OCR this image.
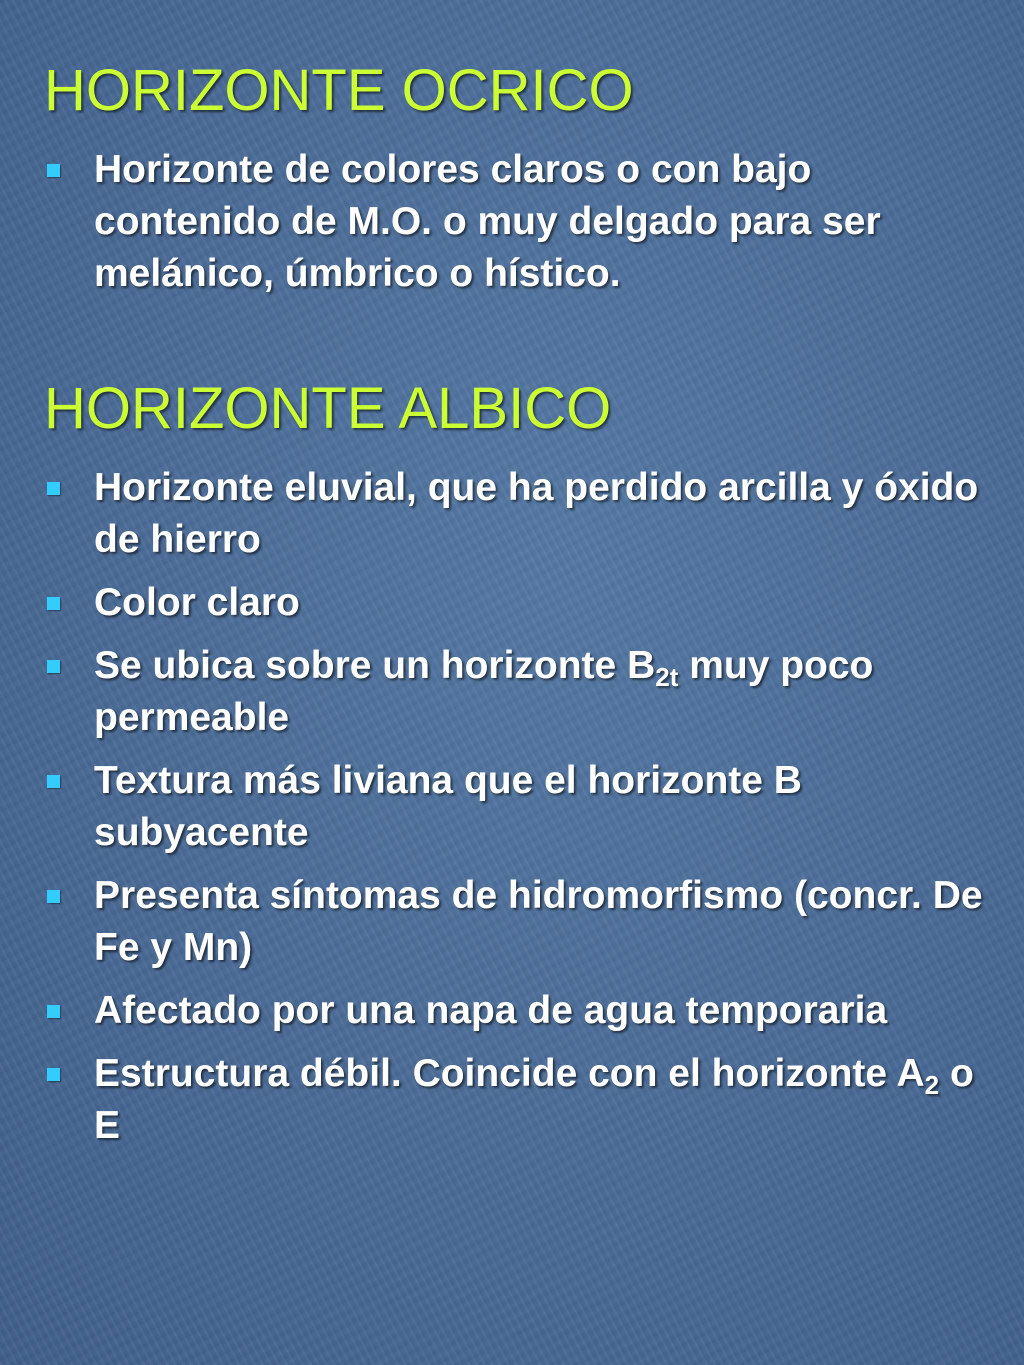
HORIZONTE OCRICO
Horizonte de colores claros o con bajo contenido de M.O. o muy delgado para ser melánico, úmbrico o hístico.
HORIZONTE ALBICO
Horizonte eluvial, que ha perdido arcilla y óxido de hierro
Color claro
Se ubica sobre un horizonte $B_{2t}$ muy poco permeable
Textura más liviana que el horizonte B subyacente
Presenta síntomas de hidromorfismo (concr. De Fe y Mn)
Afectado por una napa de agua temporaria
Estructura débil. Coincide con el horizonte $A_2$ o E
